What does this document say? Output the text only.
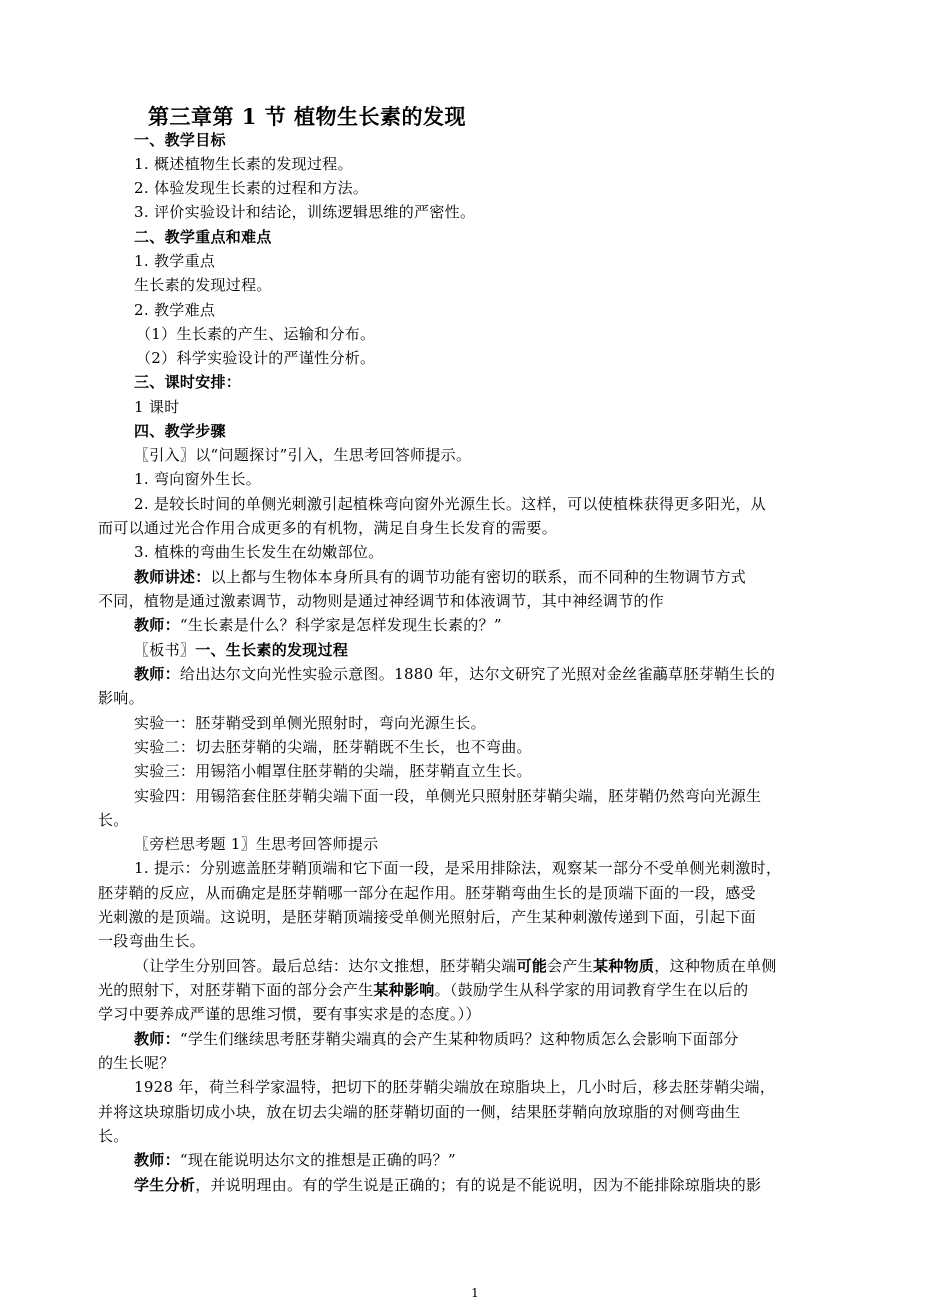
第三章第 1 节 植物生长素的发现
一、教学目标
1. 概述植物生长素的发现过程。
2. 体验发现生长素的过程和方法。
3. 评价实验设计和结论，训练逻辑思维的严密性。
二、教学重点和难点
1. 教学重点
生长素的发现过程。
2. 教学难点
（1）生长素的产生、运输和分布。
（2）科学实验设计的严谨性分析。
三、课时安排：
1 课时
四、教学步骤
〖引入〗以“问题探讨”引入，生思考回答师提示。
1. 弯向窗外生长。
2. 是较长时间的单侧光刺激引起植株弯向窗外光源生长。这样，可以使植株获得更多阳光，从
而可以通过光合作用合成更多的有机物，满足自身生长发育的需要。
3. 植株的弯曲生长发生在幼嫩部位。
教师讲述：以上都与生物体本身所具有的调节功能有密切的联系，而不同种的生物调节方式
不同，植物是通过激素调节，动物则是通过神经调节和体液调节，其中神经调节的作
教师：“生长素是什么？科学家是怎样发现生长素的？”
〖板书〗一、生长素的发现过程
教师：给出达尔文向光性实验示意图。1880 年，达尔文研究了光照对金丝雀虉草胚芽鞘生长的
影响。
实验一：胚芽鞘受到单侧光照射时，弯向光源生长。
实验二：切去胚芽鞘的尖端，胚芽鞘既不生长，也不弯曲。
实验三：用锡箔小帽罩住胚芽鞘的尖端，胚芽鞘直立生长。
实验四：用锡箔套住胚芽鞘尖端下面一段，单侧光只照射胚芽鞘尖端，胚芽鞘仍然弯向光源生
长。
〖旁栏思考题 1〗生思考回答师提示
1. 提示：分别遮盖胚芽鞘顶端和它下面一段，是采用排除法，观察某一部分不受单侧光刺激时，
胚芽鞘的反应，从而确定是胚芽鞘哪一部分在起作用。胚芽鞘弯曲生长的是顶端下面的一段，感受
光刺激的是顶端。这说明，是胚芽鞘顶端接受单侧光照射后，产生某种刺激传递到下面，引起下面
一段弯曲生长。
（让学生分别回答。最后总结：达尔文推想，胚芽鞘尖端可能会产生某种物质，这种物质在单侧
光的照射下，对胚芽鞘下面的部分会产生某种影响。（鼓励学生从科学家的用词教育学生在以后的
学习中要养成严谨的思维习惯，要有事实求是的态度。））
教师：“学生们继续思考胚芽鞘尖端真的会产生某种物质吗？这种物质怎么会影响下面部分
的生长呢？
1928 年，荷兰科学家温特，把切下的胚芽鞘尖端放在琼脂块上，几小时后，移去胚芽鞘尖端，
并将这块琼脂切成小块，放在切去尖端的胚芽鞘切面的一侧，结果胚芽鞘向放琼脂的对侧弯曲生
长。
教师：“现在能说明达尔文的推想是正确的吗？”
学生分析，并说明理由。有的学生说是正确的；有的说是不能说明，因为不能排除琼脂块的影
1
